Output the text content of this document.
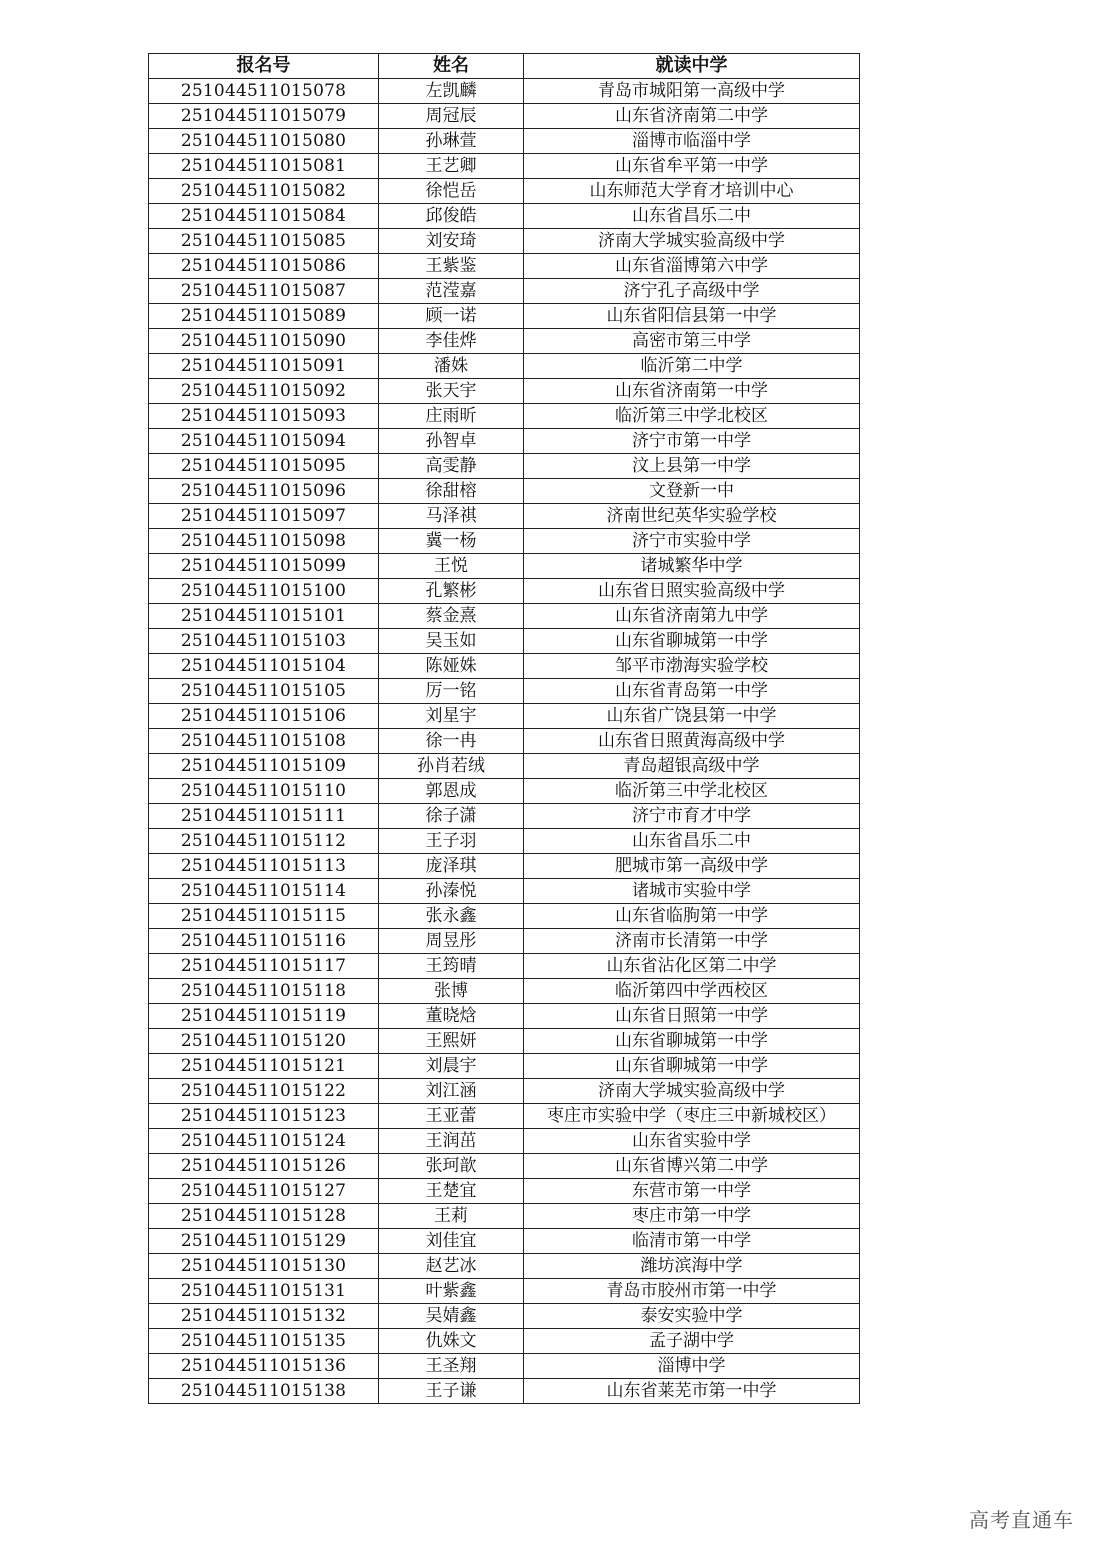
报名号	姓名	就读中学
251044511015078	左凯麟	青岛市城阳第一高级中学
251044511015079	周冠辰	山东省济南第二中学
251044511015080	孙琳萱	淄博市临淄中学
251044511015081	王艺卿	山东省牟平第一中学
251044511015082	徐恺岳	山东师范大学育才培训中心
251044511015084	邱俊皓	山东省昌乐二中
251044511015085	刘安琦	济南大学城实验高级中学
251044511015086	王紫鉴	山东省淄博第六中学
251044511015087	范滢嘉	济宁孔子高级中学
251044511015089	顾一诺	山东省阳信县第一中学
251044511015090	李佳烨	高密市第三中学
251044511015091	潘姝	临沂第二中学
251044511015092	张天宇	山东省济南第一中学
251044511015093	庄雨昕	临沂第三中学北校区
251044511015094	孙智卓	济宁市第一中学
251044511015095	高雯静	汶上县第一中学
251044511015096	徐甜榕	文登新一中
251044511015097	马泽祺	济南世纪英华实验学校
251044511015098	冀一杨	济宁市实验中学
251044511015099	王悦	诸城繁华中学
251044511015100	孔繁彬	山东省日照实验高级中学
251044511015101	蔡金熹	山东省济南第九中学
251044511015103	吴玉如	山东省聊城第一中学
251044511015104	陈娅姝	邹平市渤海实验学校
251044511015105	厉一铭	山东省青岛第一中学
251044511015106	刘星宇	山东省广饶县第一中学
251044511015108	徐一冉	山东省日照黄海高级中学
251044511015109	孙肖若绒	青岛超银高级中学
251044511015110	郭恩成	临沂第三中学北校区
251044511015111	徐子潇	济宁市育才中学
251044511015112	王子羽	山东省昌乐二中
251044511015113	庞泽琪	肥城市第一高级中学
251044511015114	孙溱悦	诸城市实验中学
251044511015115	张永鑫	山东省临朐第一中学
251044511015116	周昱彤	济南市长清第一中学
251044511015117	王筠晴	山东省沾化区第二中学
251044511015118	张博	临沂第四中学西校区
251044511015119	董晓焓	山东省日照第一中学
251044511015120	王熙妍	山东省聊城第一中学
251044511015121	刘晨宇	山东省聊城第一中学
251044511015122	刘江涵	济南大学城实验高级中学
251044511015123	王亚蕾	枣庄市实验中学（枣庄三中新城校区）
251044511015124	王润茁	山东省实验中学
251044511015126	张珂歆	山东省博兴第二中学
251044511015127	王楚宜	东营市第一中学
251044511015128	王莉	枣庄市第一中学
251044511015129	刘佳宜	临清市第一中学
251044511015130	赵艺冰	潍坊滨海中学
251044511015131	叶紫鑫	青岛市胶州市第一中学
251044511015132	吴婧鑫	泰安实验中学
251044511015135	仇姝文	孟子湖中学
251044511015136	王圣翔	淄博中学
251044511015138	王子谦	山东省莱芜市第一中学
高考直通车
